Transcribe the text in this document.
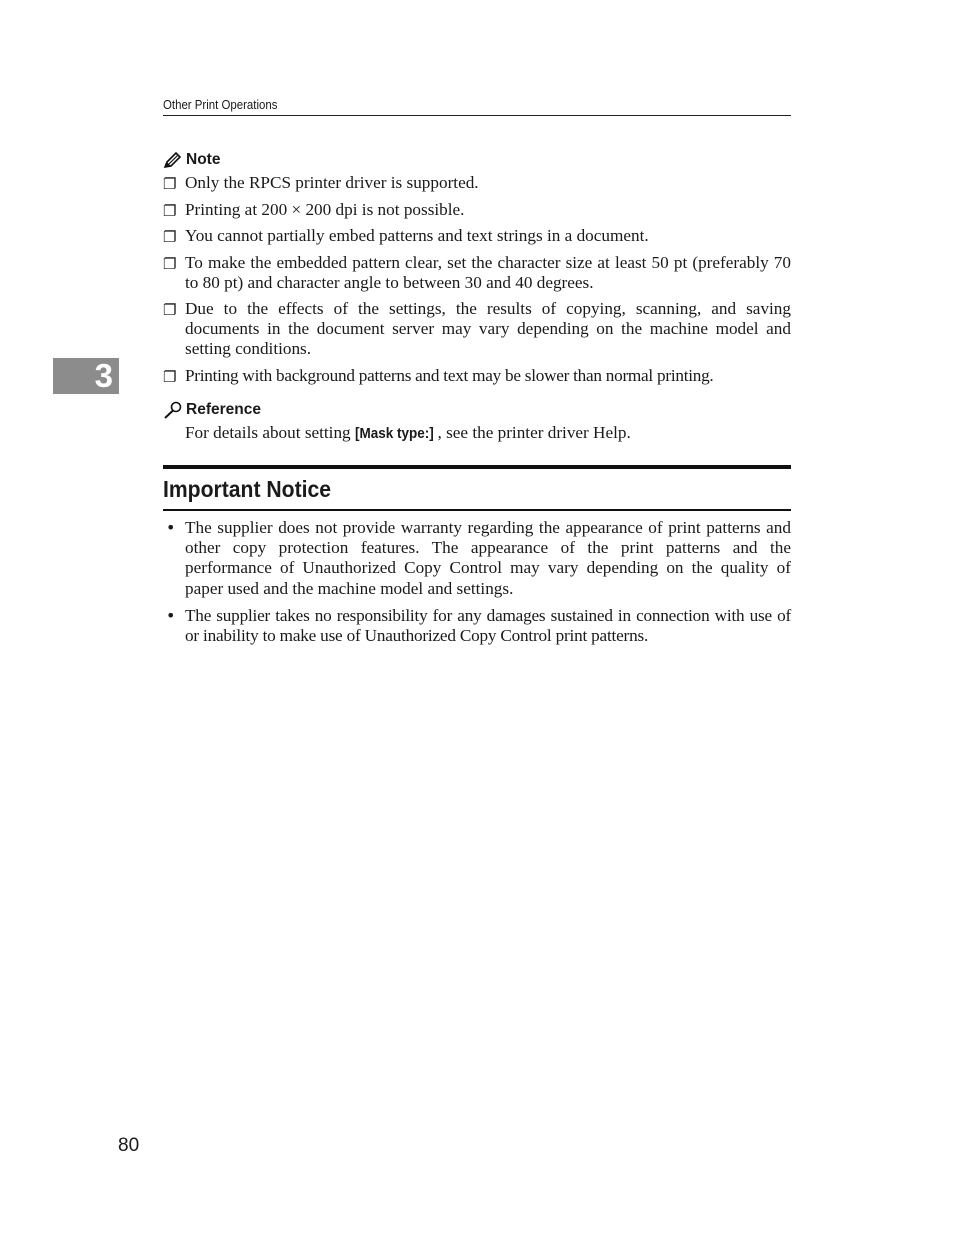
Other Print Operations
3
Note
❐ Only the RPCS printer driver is supported.
❐ Printing at 200 × 200 dpi is not possible.
❐ You cannot partially embed patterns and text strings in a document.
❐ To make the embedded pattern clear, set the character size at least 50 pt (preferably 70 to 80 pt) and character angle to between 30 and 40 degrees.
❐ Due to the effects of the settings, the results of copying, scanning, and saving documents in the document server may vary depending on the machine model and setting conditions.
❐ Printing with background patterns and text may be slower than normal printing.
Reference
For details about setting [Mask type:] , see the printer driver Help.
Important Notice
• The supplier does not provide warranty regarding the appearance of print patterns and other copy protection features. The appearance of the print patterns and the performance of Unauthorized Copy Control may vary depending on the quality of paper used and the machine model and settings.
• The supplier takes no responsibility for any damages sustained in connection with use of or inability to make use of Unauthorized Copy Control print patterns.
80
